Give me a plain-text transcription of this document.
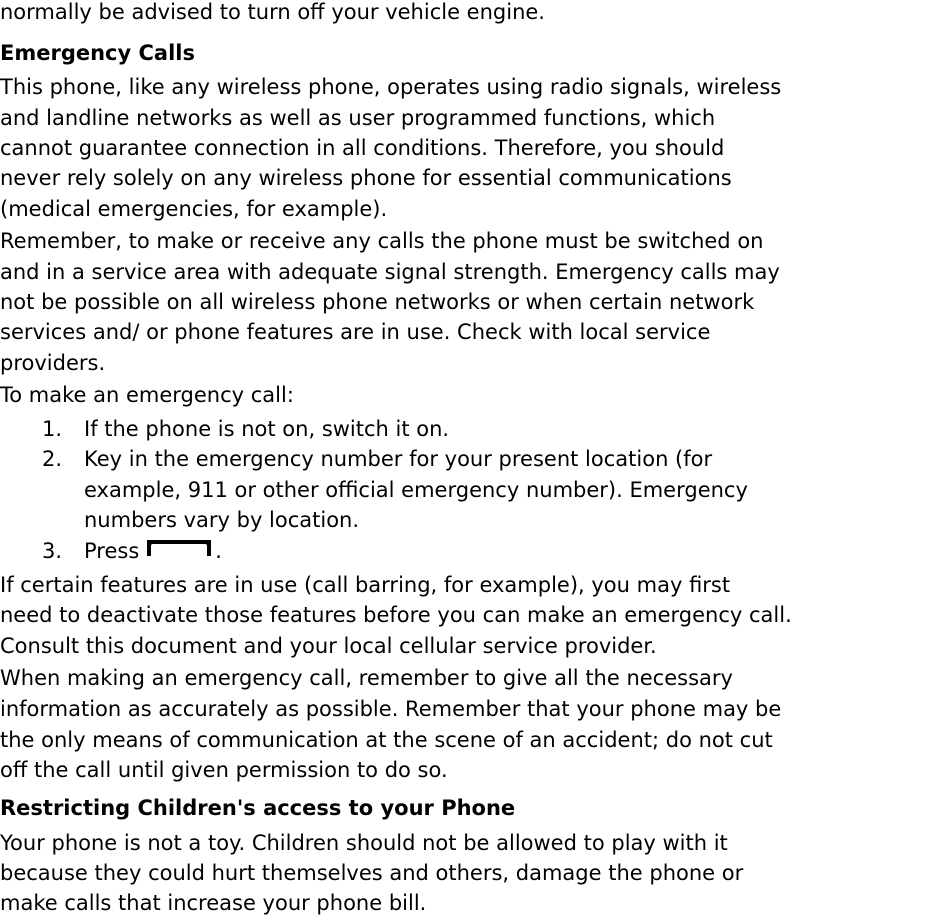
normally be advised to turn off your vehicle engine.
Emergency Calls
This phone, like any wireless phone, operates using radio signals, wireless
and landline networks as well as user programmed functions, which
cannot guarantee connection in all conditions. Therefore, you should
never rely solely on any wireless phone for essential communications
(medical emergencies, for example).
Remember, to make or receive any calls the phone must be switched on
and in a service area with adequate signal strength. Emergency calls may
not be possible on all wireless phone networks or when certain network
services and/ or phone features are in use. Check with local service
providers.
To make an emergency call:
1. If the phone is not on, switch it on.
2. Key in the emergency number for your present location (for
example, 911 or other official emergency number). Emergency
numbers vary by location.
3. Press	.
If certain features are in use (call barring, for example), you may first
need to deactivate those features before you can make an emergency call.
Consult this document and your local cellular service provider.
When making an emergency call, remember to give all the necessary
information as accurately as possible. Remember that your phone may be
the only means of communication at the scene of an accident; do not cut
off the call until given permission to do so.
Restricting Children's access to your Phone
Your phone is not a toy. Children should not be allowed to play with it
because they could hurt themselves and others, damage the phone or
make calls that increase your phone bill.
